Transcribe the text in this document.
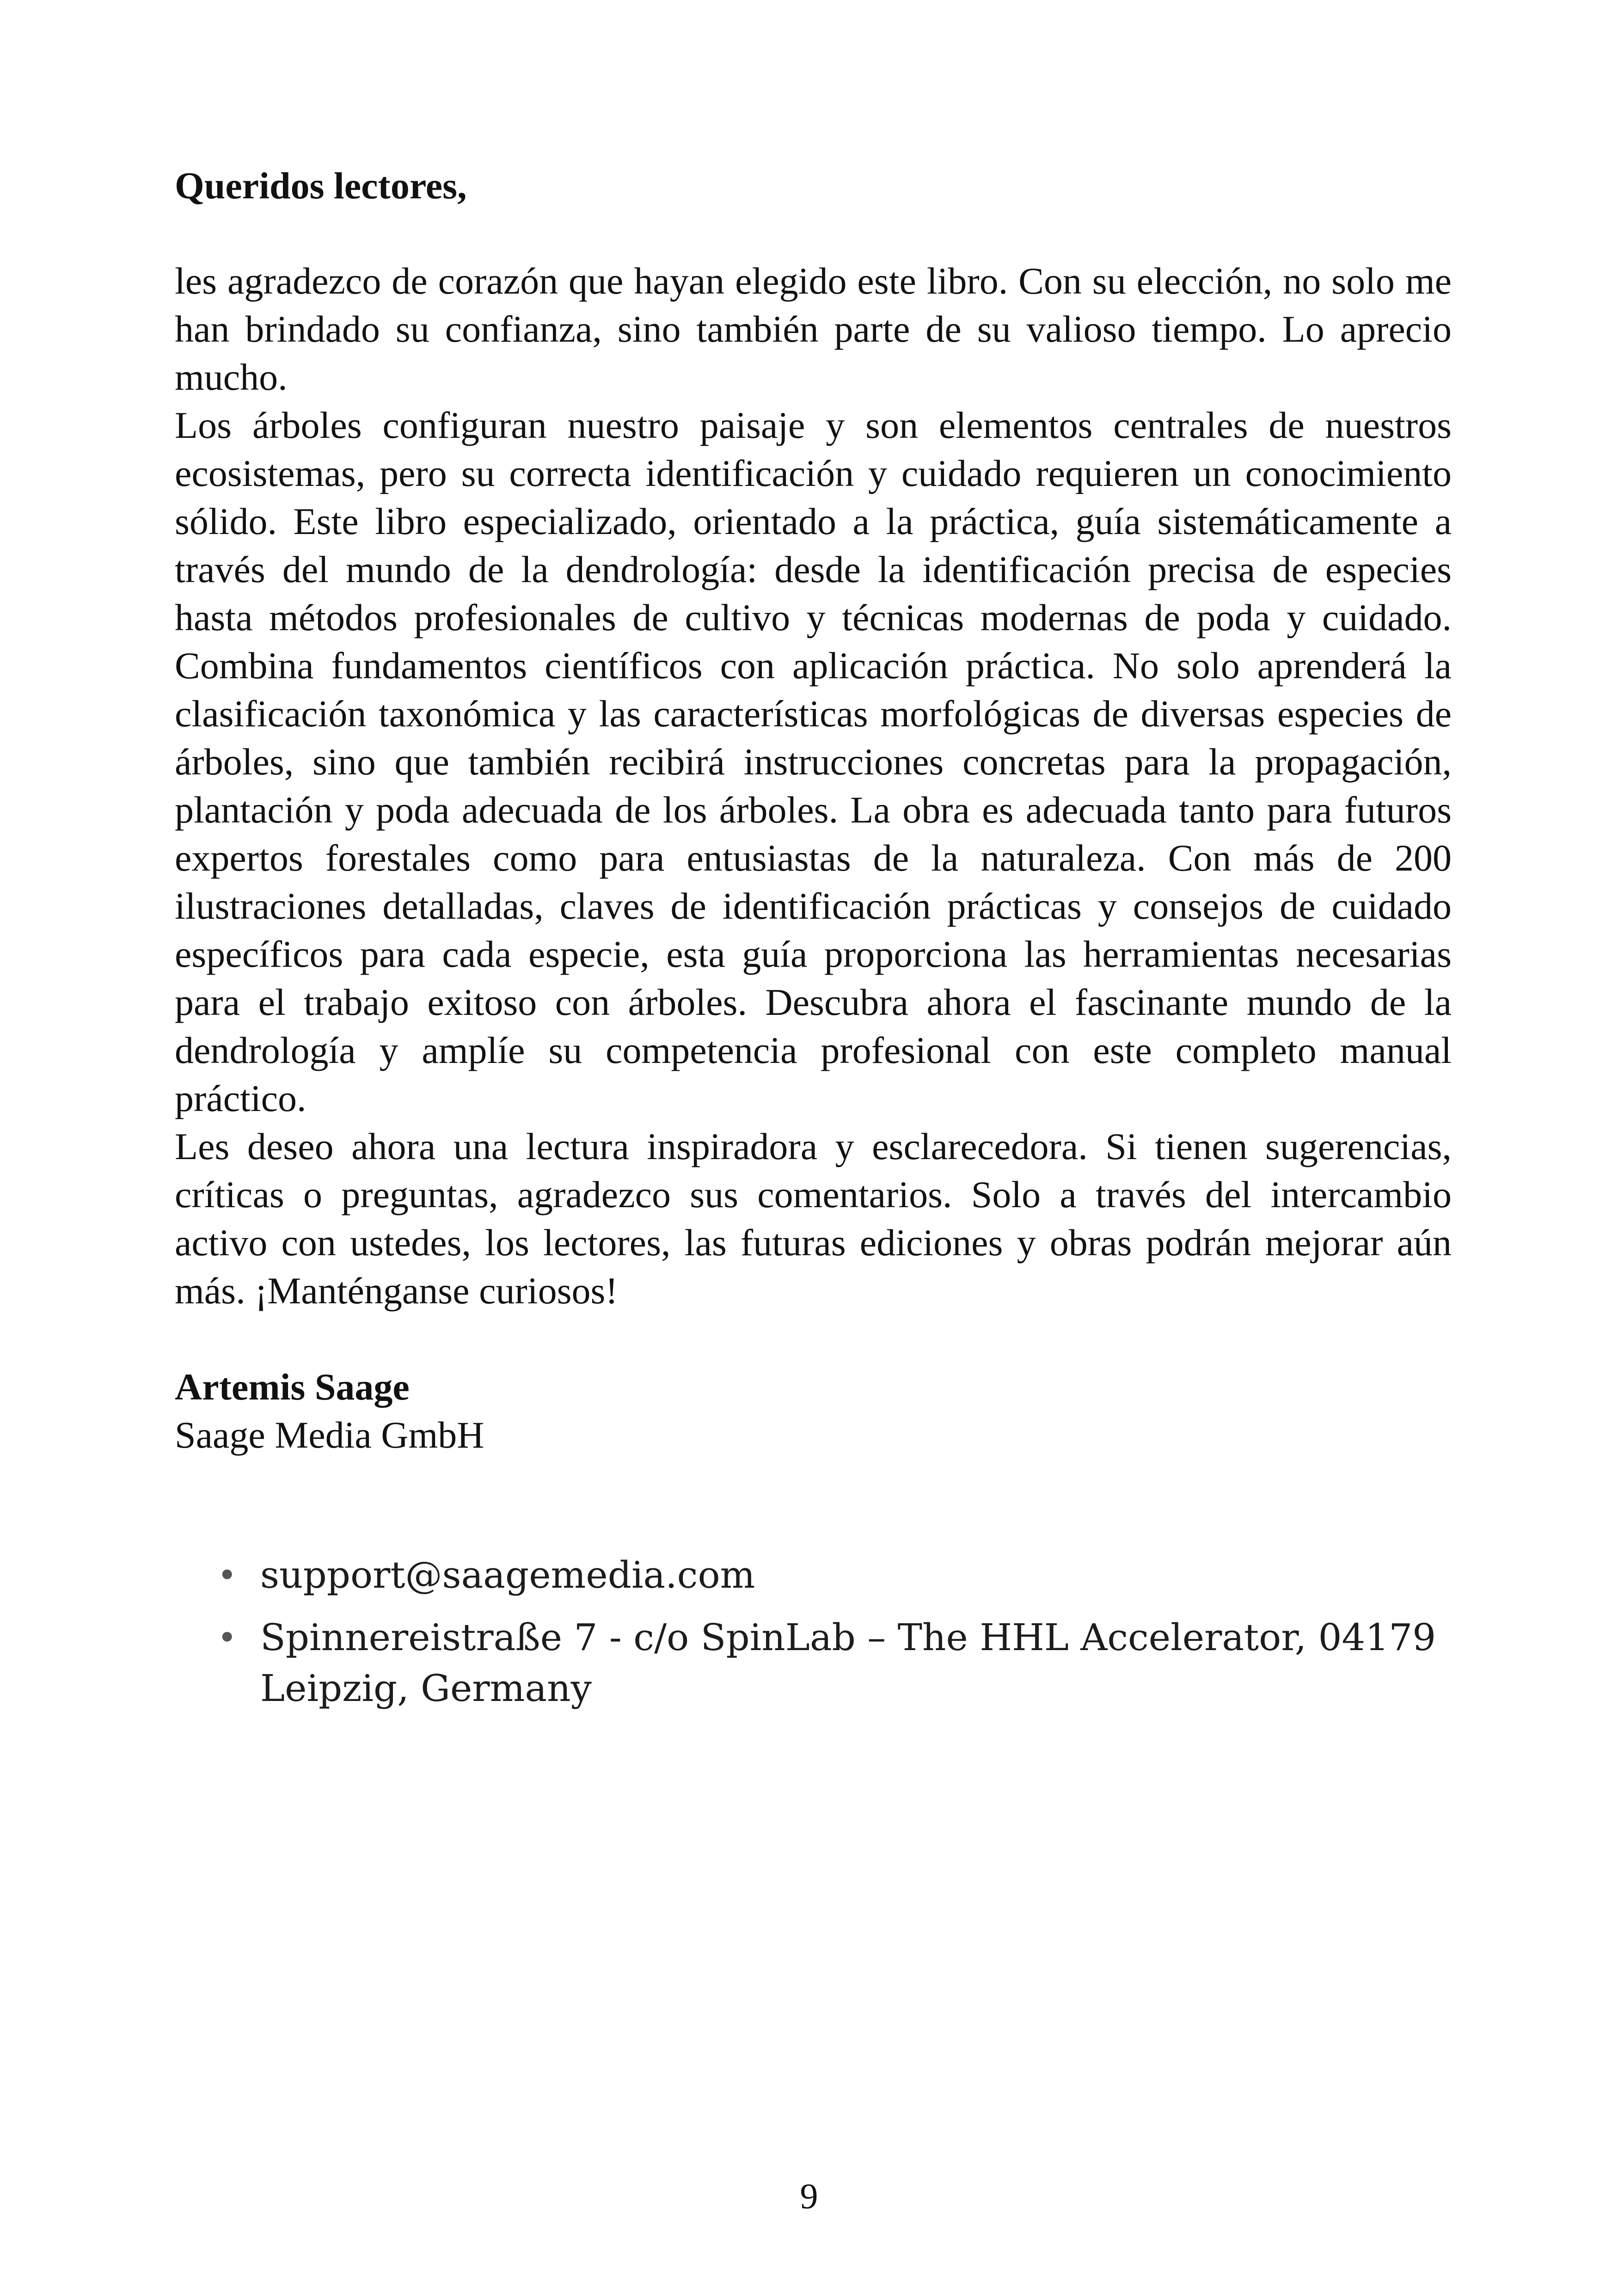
Queridos lectores,

les agradezco de corazón que hayan elegido este libro. Con su elección, no solo me han brindado su confianza, sino también parte de su valioso tiempo. Lo aprecio mucho.

Los árboles configuran nuestro paisaje y son elementos centrales de nuestros ecosistemas, pero su correcta identificación y cuidado requieren un conocimiento sólido. Este libro especializado, orientado a la práctica, guía sistemáticamente a través del mundo de la dendrología: desde la identificación precisa de especies hasta métodos profesionales de cultivo y técnicas modernas de poda y cuidado. Combina fundamentos científicos con aplicación práctica. No solo aprenderá la clasificación taxonómica y las características morfológicas de diversas especies de árboles, sino que también recibirá instrucciones concretas para la propagación, plantación y poda adecuada de los árboles. La obra es adecuada tanto para futuros expertos forestales como para entusiastas de la naturaleza. Con más de 200 ilustraciones detalladas, claves de identificación prácticas y consejos de cuidado específicos para cada especie, esta guía proporciona las herramientas necesarias para el trabajo exitoso con árboles. Descubra ahora el fascinante mundo de la dendrología y amplíe su competencia profesional con este completo manual práctico.

Les deseo ahora una lectura inspiradora y esclarecedora. Si tienen sugerencias, críticas o preguntas, agradezco sus comentarios. Solo a través del intercambio activo con ustedes, los lectores, las futuras ediciones y obras podrán mejorar aún más. ¡Manténganse curiosos!

Artemis Saage

Saage Media GmbH

• support@saagemedia.com
• Spinnereistraße 7 - c/o SpinLab – The HHL Accelerator, 04179 Leipzig, Germany
9
